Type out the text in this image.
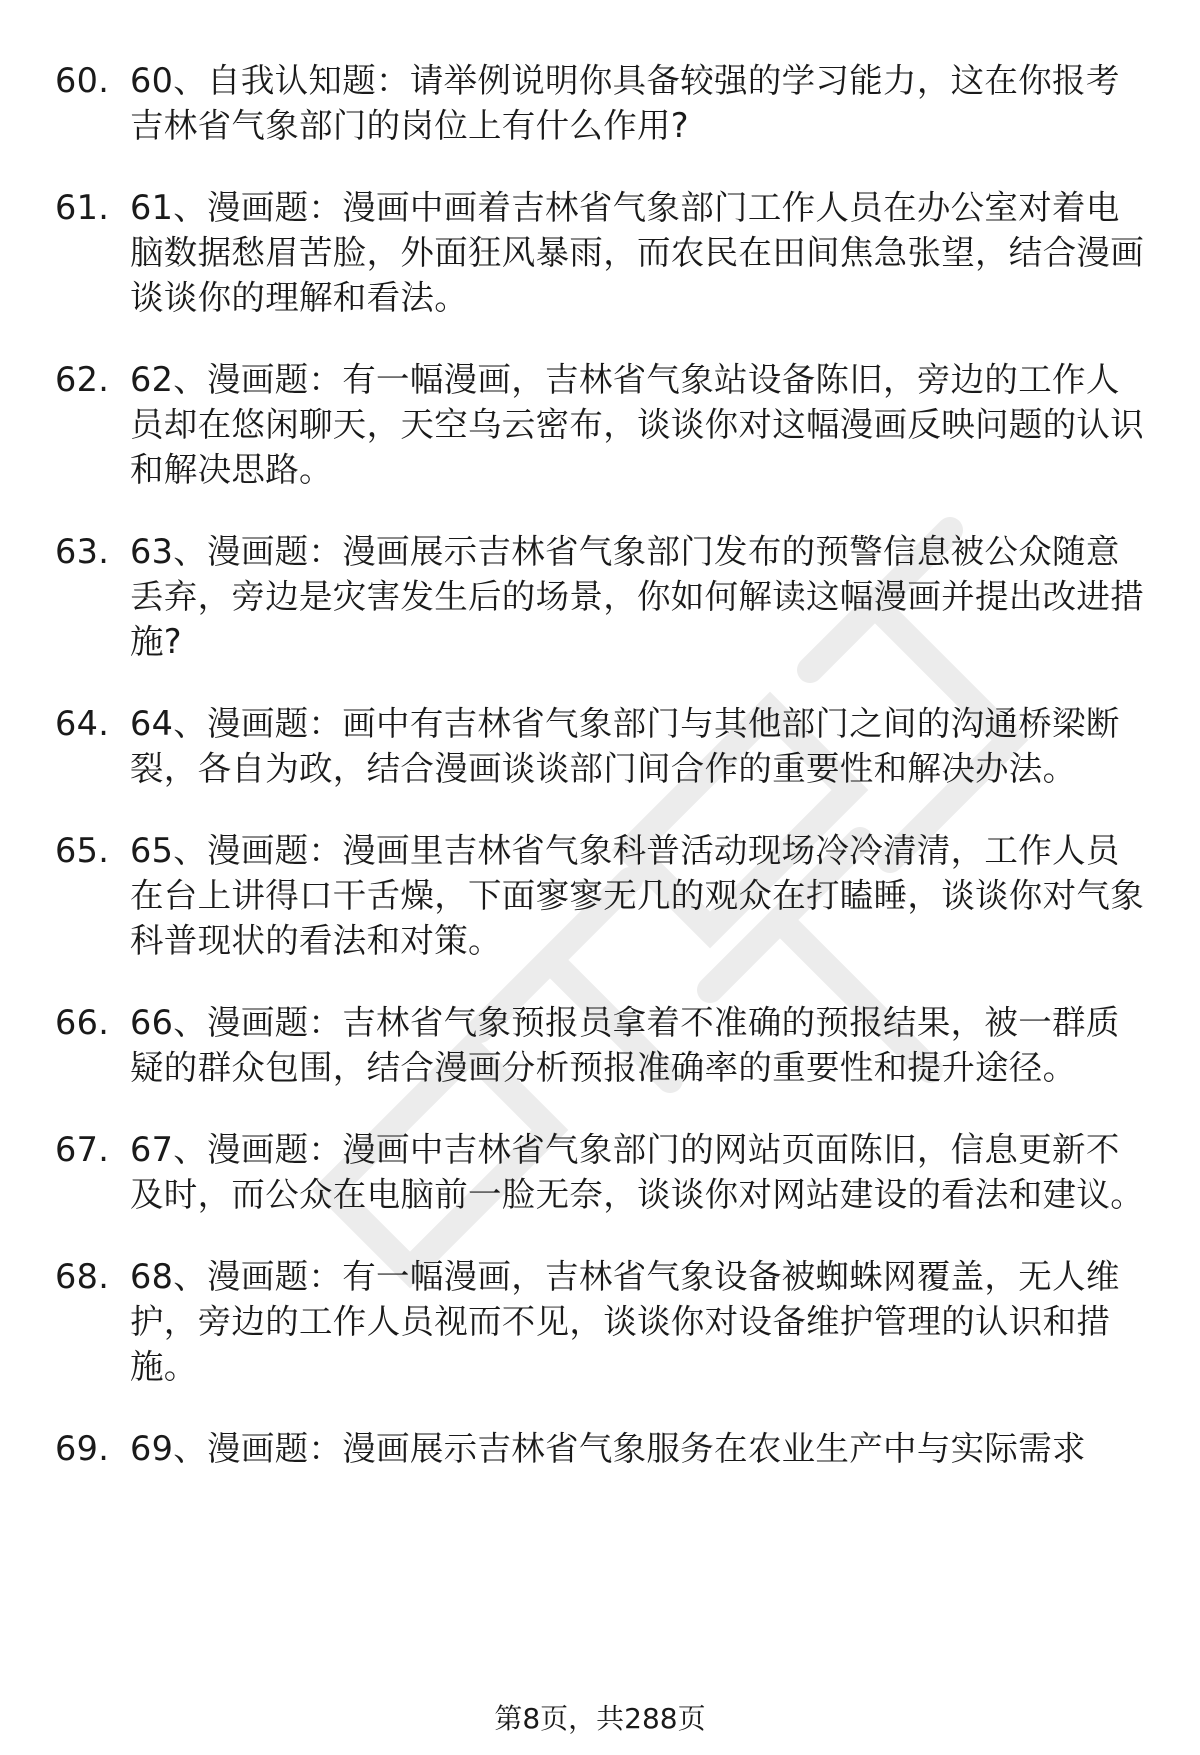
60. 60、自我认知题：请举例说明你具备较强的学习能力，这在你报考吉林省气象部门的岗位上有什么作用?
61. 61、漫画题：漫画中画着吉林省气象部门工作人员在办公室对着电脑数据愁眉苦脸，外面狂风暴雨，而农民在田间焦急张望，结合漫画谈谈你的理解和看法。
62. 62、漫画题：有一幅漫画，吉林省气象站设备陈旧，旁边的工作人员却在悠闲聊天，天空乌云密布，谈谈你对这幅漫画反映问题的认识和解决思路。
63. 63、漫画题：漫画展示吉林省气象部门发布的预警信息被公众随意丢弃，旁边是灾害发生后的场景，你如何解读这幅漫画并提出改进措施?
64. 64、漫画题：画中有吉林省气象部门与其他部门之间的沟通桥梁断裂，各自为政，结合漫画谈谈部门间合作的重要性和解决办法。
65. 65、漫画题：漫画里吉林省气象科普活动现场冷冷清清，工作人员在台上讲得口干舌燥，下面寥寥无几的观众在打瞌睡，谈谈你对气象科普现状的看法和对策。
66. 66、漫画题：吉林省气象预报员拿着不准确的预报结果，被一群质疑的群众包围，结合漫画分析预报准确率的重要性和提升途径。
67. 67、漫画题：漫画中吉林省气象部门的网站页面陈旧，信息更新不及时，而公众在电脑前一脸无奈，谈谈你对网站建设的看法和建议。
68. 68、漫画题：有一幅漫画，吉林省气象设备被蜘蛛网覆盖，无人维护，旁边的工作人员视而不见，谈谈你对设备维护管理的认识和措施。
69. 69、漫画题：漫画展示吉林省气象服务在农业生产中与实际需求
第8页，共288页
